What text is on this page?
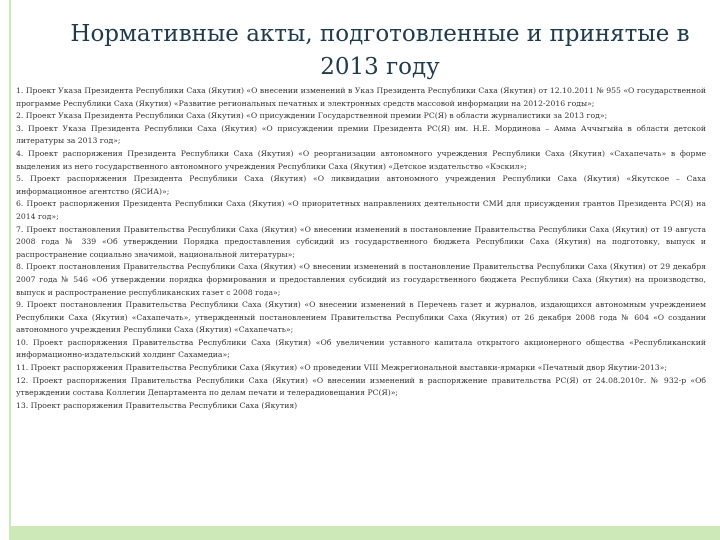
Нормативные акты, подготовленные и принятые в 2013 году
1. Проект Указа Президента Республики Саха (Якутия) «О внесении изменений в Указ Президента Республики Саха (Якутия) от 12.10.2011 № 955 «О государственной программе Республики Саха (Якутия) «Развитие региональных печатных и электронных средств массовой информации на 2012-2016 годы»;
2. Проект Указа Президента Республики Саха (Якутия) «О присуждении Государственной премии РС(Я) в области журналистики за 2013 год»;
3. Проект Указа Президента Республики Саха (Якутия) «О присуждении премии Президента РС(Я) им. Н.Е. Мординова – Амма Аччыгыйа в области детской литературы за 2013 год»;
4. Проект распоряжения Президента Республики Саха (Якутия) «О реорганизации автономного учреждения Республики Саха (Якутия) «Сахапечать» в форме выделения из него государственного автономного учреждения Республики Саха (Якутия) «Детское издательство «Кэскил»;
5. Проект распоряжения Президента Республики Саха (Якутия) «О ликвидации автономного учреждения Республики Саха (Якутия) «Якутское – Саха информационное агентство (ЯСИА)»;
6. Проект распоряжения Президента Республики Саха (Якутия) «О приоритетных направлениях деятельности СМИ для присуждения грантов Президента РС(Я) на 2014 год»;
7. Проект постановления Правительства Республики Саха (Якутия) «О внесении изменений в постановление Правительства Республики Саха (Якутия) от 19 августа 2008 года № 339 «Об утверждении Порядка предоставления субсидий из государственного бюджета Республики Саха (Якутия) на подготовку, выпуск и распространение социально значимой, национальной литературы»;
8. Проект постановления Правительства Республики Саха (Якутия) «О внесении изменений в постановление Правительства Республики Саха (Якутия) от 29 декабря 2007 года № 546 «Об утверждении порядка формирования и предоставления субсидий из государственного бюджета Республики Саха (Якутия) на производство, выпуск и распространение республиканских газет с 2008 года»;
9. Проект постановления Правительства Республики Саха (Якутия) «О внесении изменений в Перечень газет и журналов, издающихся автономным учреждением Республики Саха (Якутия) «Сахапечать», утвержденный постановлением Правительства Республики Саха (Якутия) от 26 декабря 2008 года № 604 «О создании автономного учреждения Республики Саха (Якутия) «Сахапечать»;
10. Проект распоряжения Правительства Республики Саха (Якутия) «Об увеличении уставного капитала открытого акционерного общества «Республиканский информационно-издательский холдинг Сахамедиа»;
11. Проект распоряжения Правительства Республики Саха (Якутия) «О проведении VIII Межрегиональной выставки-ярмарки «Печатный двор Якутии-2013»;
12. Проект распоряжения Правительства Республики Саха (Якутия) «О внесении изменений в распоряжение правительства РС(Я) от 24.08.2010г. № 932-р «Об утверждении состава Коллегии Департамента по делам печати и телерадиовещания РС(Я)»;
13. Проект распоряжения Правительства Республики Саха (Якутия)
